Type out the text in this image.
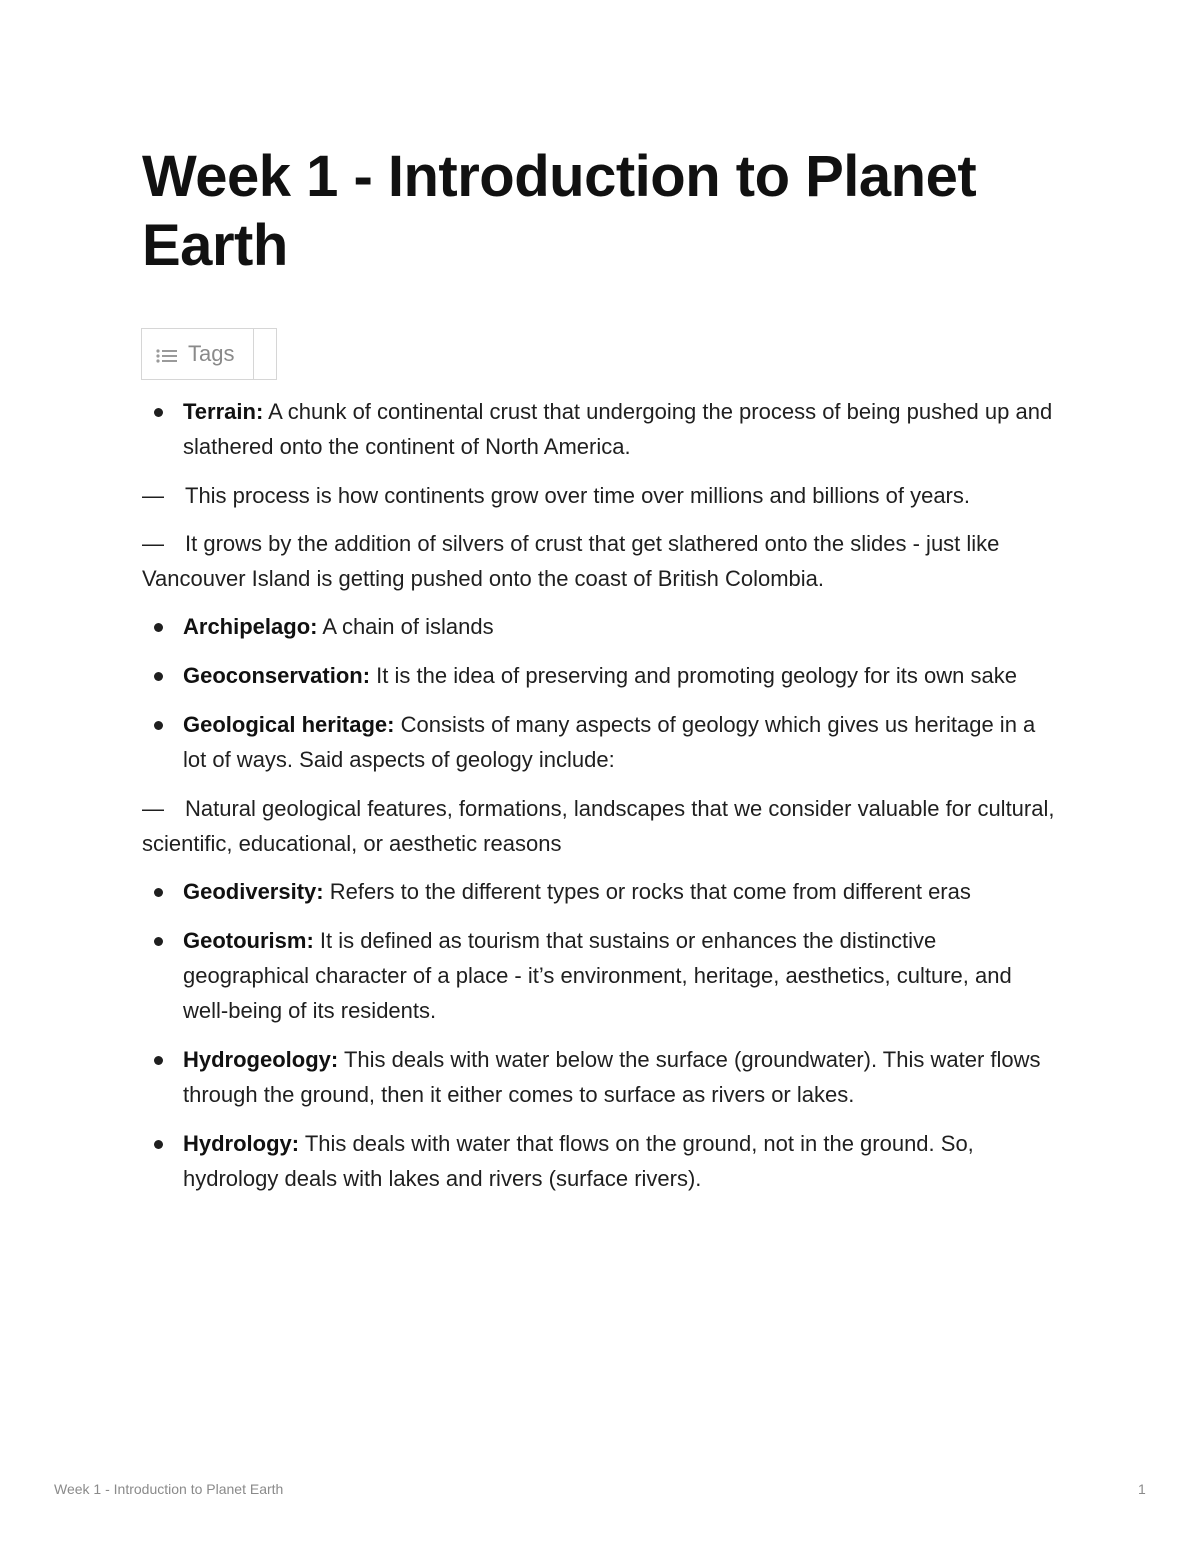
Week 1 - Introduction to Planet Earth
Tags
Terrain: A chunk of continental crust that undergoing the process of being pushed up and slathered onto the continent of North America.

— This process is how continents grow over time over millions and billions of years.

— It grows by the addition of silvers of crust that get slathered onto the slides - just like Vancouver Island is getting pushed onto the coast of British Colombia.

Archipelago: A chain of islands
Geoconservation: It is the idea of preserving and promoting geology for its own sake
Geological heritage: Consists of many aspects of geology which gives us heritage in a lot of ways. Said aspects of geology include:

— Natural geological features, formations, landscapes that we consider valuable for cultural, scientific, educational, or aesthetic reasons

Geodiversity: Refers to the different types or rocks that come from different eras
Geotourism: It is defined as tourism that sustains or enhances the distinctive geographical character of a place - it’s environment, heritage, aesthetics, culture, and well-being of its residents.
Hydrogeology: This deals with water below the surface (groundwater). This water flows through the ground, then it either comes to surface as rivers or lakes.
Hydrology: This deals with water that flows on the ground, not in the ground. So, hydrology deals with lakes and rivers (surface rivers).
Week 1 - Introduction to Planet Earth	1
